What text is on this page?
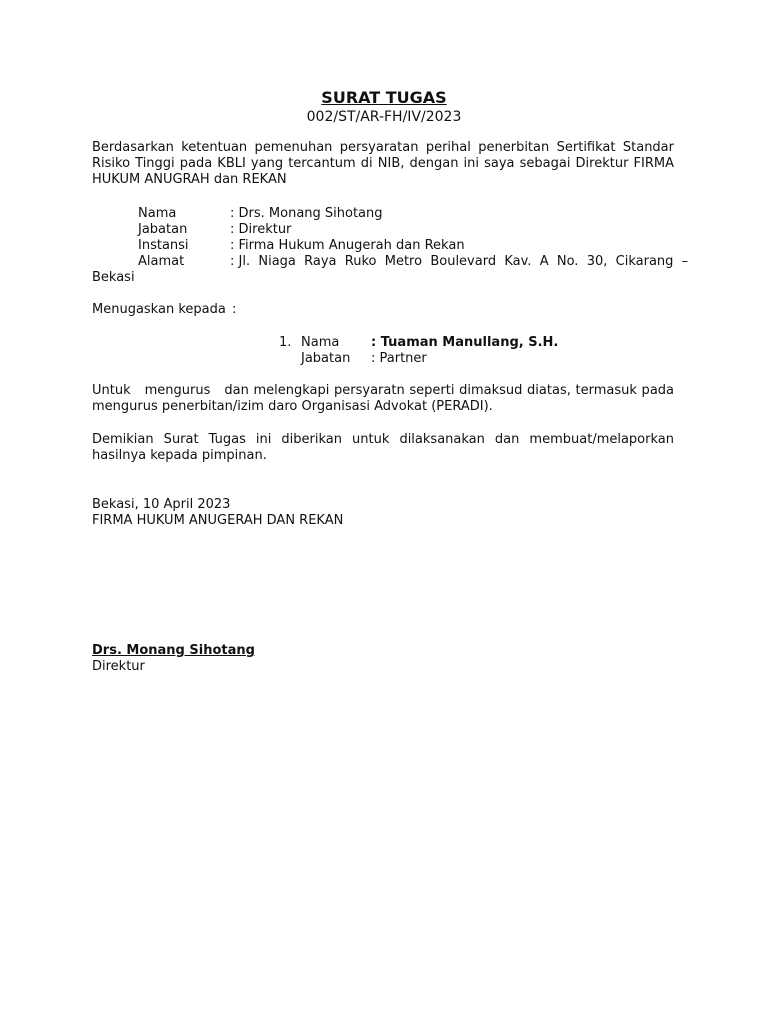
SURAT TUGAS
002/ST/AR-FH/IV/2023
Berdasarkan ketentuan pemenuhan persyaratan perihal penerbitan Sertifikat Standar Risiko Tinggi pada KBLI yang tercantum di NIB, dengan ini saya sebagai Direktur FIRMA HUKUM ANUGRAH dan REKAN
Nama	: Drs. Monang Sihotang
Jabatan	: Direktur
Instansi	: Firma Hukum Anugerah dan Rekan
Alamat	: Jl.  Niaga  Raya  Ruko  Metro  Boulevard  Kav.  A  No.  30,  Cikarang  –
Bekasi
Menugaskan kepada :
1. Nama : Tuaman Manullang, S.H.
Jabatan : Partner
Untuk   mengurus   dan melengkapi persyaratn seperti dimaksud diatas, termasuk pada mengurus penerbitan/izim daro Organisasi Advokat (PERADI).
Demikian Surat Tugas ini diberikan untuk dilaksanakan dan membuat/melaporkan hasilnya kepada pimpinan.
Bekasi, 10 April 2023
FIRMA HUKUM ANUGERAH DAN REKAN
Drs. Monang Sihotang
Direktur
